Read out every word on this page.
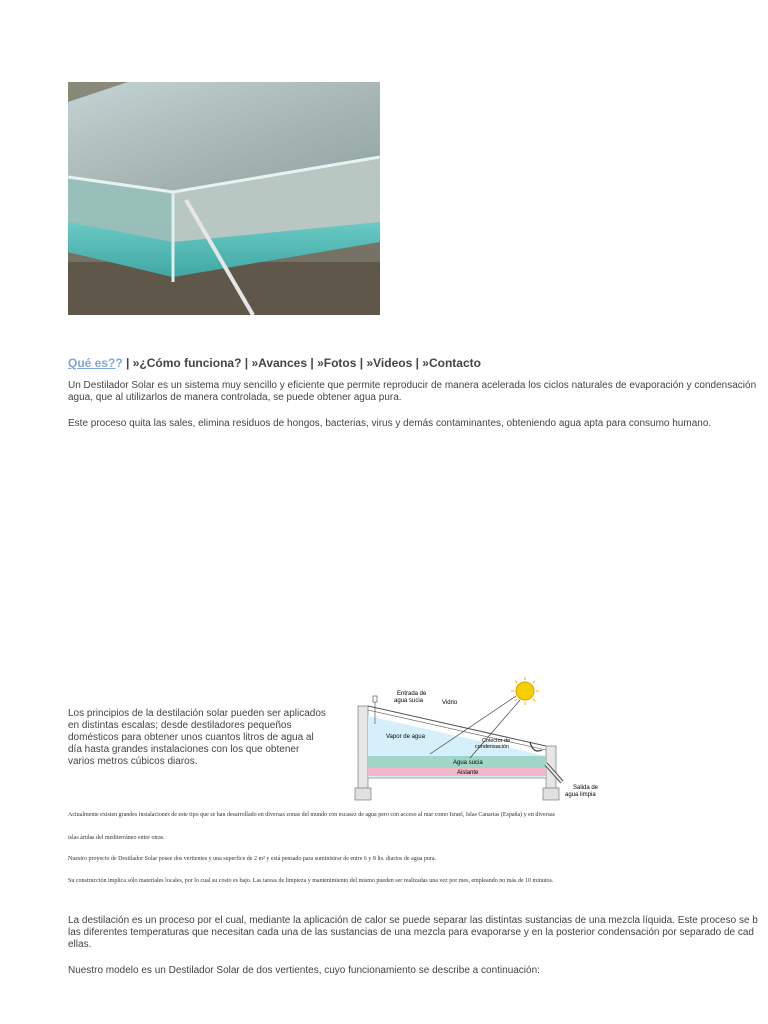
Qué es?? | »¿Cómo funciona? | »Avances | »Fotos | »Videos | »Contacto
Un Destilador Solar es un sistema muy sencillo y eficiente que permite reproducir de manera acelerada los ciclos naturales de evaporación y condensación
agua, que al utilizarlos de manera controlada, se puede obtener agua pura.
Este proceso quita las sales, elimina residuos de hongos, bacterias, virus y demás contaminantes, obteniendo agua apta para consumo humano.
Los principios de la destilación solar pueden ser aplicados en distintas escalas; desde destiladores pequeños domésticos para obtener unos cuantos litros de agua al día hasta grandes instalaciones con los que obtener varios metros cúbicos diaros.
Entrada de
agua sucia	Vidrio
Vapor de agua
Colector de
condensación
Agua sucia
Aislante
Salida de
agua limpia
Actualmente existen grandes instalaciones de este tipo que se han desarrollado en diversas zonas del mundo con escasez de agua pero con acceso al mar como Israel, Islas Canarias (España) y en diversas
islas áridas del mediterráneo entre otras.
Nuestro proyecto de Destilador Solar posee dos vertientes y una superfice de 2 m² y está pensado para suministrar de entre 6 y 8 lts. diarios de agua pura.
Su construcción implica sólo materiales locales, por lo cual su costo es bajo. Las tareas de limpieza y mantenimiento del mismo pueden ser realizadas una vez por mes, empleando no más de 10 minutos.
La destilación es un proceso por el cual, mediante la aplicación de calor se puede separar las distintas sustancias de una mezcla líquida. Este proceso se b
las diferentes temperaturas que necesitan cada una de las sustancias de una mezcla para evaporarse y en la posterior condensación por separado de cad
ellas.
Nuestro modelo es un Destilador Solar de dos vertientes, cuyo funcionamiento se describe a continuación:
